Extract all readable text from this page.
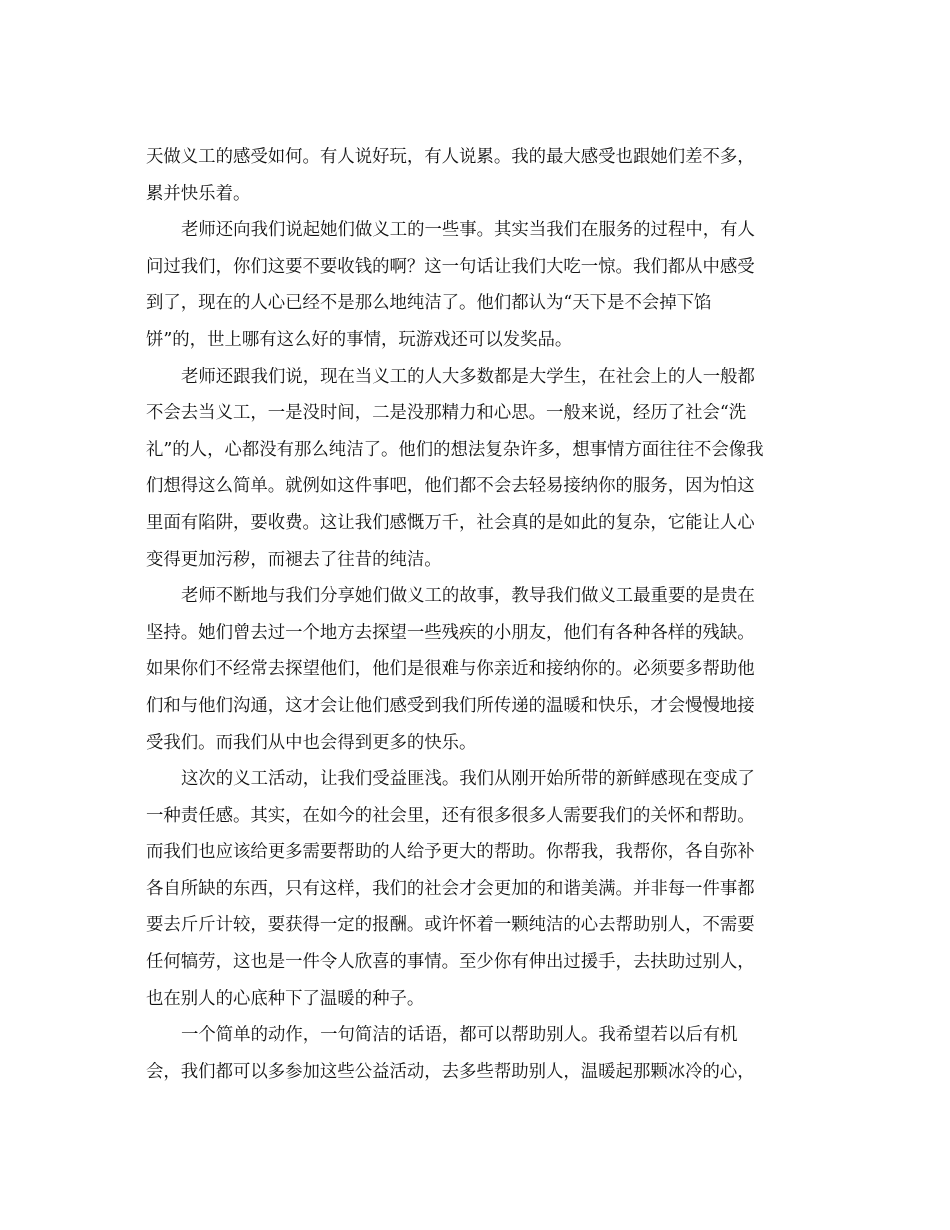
天做义工的感受如何。有人说好玩，有人说累。我的最大感受也跟她们差不多，
累并快乐着。
老师还向我们说起她们做义工的一些事。其实当我们在服务的过程中，有人
问过我们，你们这要不要收钱的啊？这一句话让我们大吃一惊。我们都从中感受
到了，现在的人心已经不是那么地纯洁了。他们都认为“天下是不会掉下馅
饼”的，世上哪有这么好的事情，玩游戏还可以发奖品。
老师还跟我们说，现在当义工的人大多数都是大学生，在社会上的人一般都
不会去当义工，一是没时间，二是没那精力和心思。一般来说，经历了社会“洗
礼”的人，心都没有那么纯洁了。他们的想法复杂许多，想事情方面往往不会像我
们想得这么简单。就例如这件事吧，他们都不会去轻易接纳你的服务，因为怕这
里面有陷阱，要收费。这让我们感慨万千，社会真的是如此的复杂，它能让人心
变得更加污秽，而褪去了往昔的纯洁。
老师不断地与我们分享她们做义工的故事，教导我们做义工最重要的是贵在
坚持。她们曾去过一个地方去探望一些残疾的小朋友，他们有各种各样的残缺。
如果你们不经常去探望他们，他们是很难与你亲近和接纳你的。必须要多帮助他
们和与他们沟通，这才会让他们感受到我们所传递的温暖和快乐，才会慢慢地接
受我们。而我们从中也会得到更多的快乐。
这次的义工活动，让我们受益匪浅。我们从刚开始所带的新鲜感现在变成了
一种责任感。其实，在如今的社会里，还有很多很多人需要我们的关怀和帮助。
而我们也应该给更多需要帮助的人给予更大的帮助。你帮我，我帮你，各自弥补
各自所缺的东西，只有这样，我们的社会才会更加的和谐美满。并非每一件事都
要去斤斤计较，要获得一定的报酬。或许怀着一颗纯洁的心去帮助别人，不需要
任何犒劳，这也是一件令人欣喜的事情。至少你有伸出过援手，去扶助过别人，
也在别人的心底种下了温暖的种子。
一个简单的动作，一句简洁的话语，都可以帮助别人。我希望若以后有机
会，我们都可以多参加这些公益活动，去多些帮助别人，温暖起那颗冰冷的心，
